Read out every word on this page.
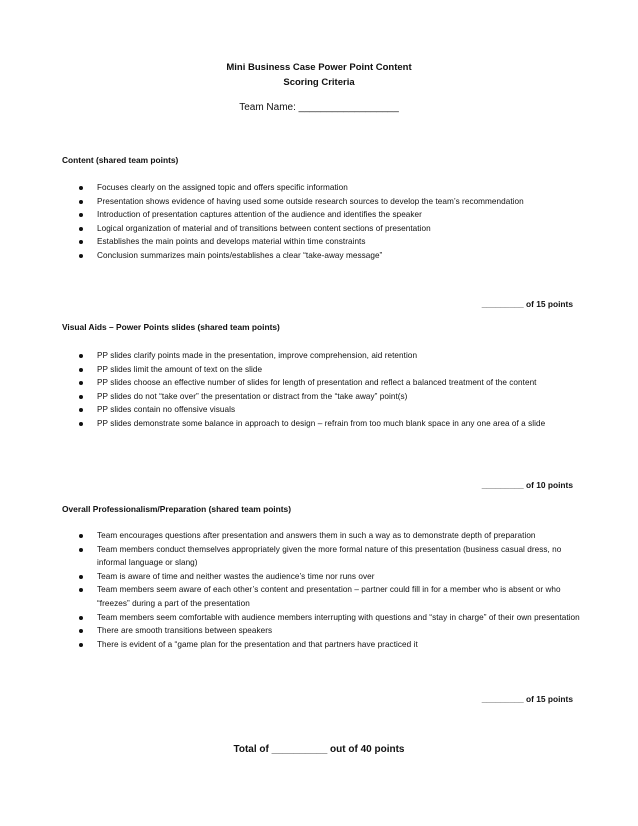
Mini Business Case Power Point Content
Scoring Criteria
Team Name: __________________
Content (shared team points)
Focuses clearly on the assigned topic and offers specific information
Presentation shows evidence of having used some outside research sources to develop the team’s recommendation
Introduction of presentation captures attention of the audience and identifies the speaker
Logical organization of material and of transitions between content sections of presentation
Establishes the main points and develops material within time constraints
Conclusion summarizes main points/establishes a clear “take-away message”
_________ of 15 points
Visual Aids – Power Points slides (shared team points)
PP slides clarify points made in the presentation, improve comprehension, aid retention
PP slides limit the amount of text on the slide
PP slides choose an effective number of slides for length of presentation and reflect a balanced treatment of the content
PP slides do not “take over” the presentation or distract from the “take away” point(s)
PP slides contain no offensive visuals
PP slides demonstrate some balance in approach to design – refrain from too much blank space in any one area of a slide
_________ of 10 points
Overall Professionalism/Preparation (shared team points)
Team encourages questions after presentation and answers them in such a way as to demonstrate depth of preparation
Team members conduct themselves appropriately given the more formal nature of this presentation (business casual dress, no informal language or slang)
Team is aware of time and neither wastes the audience’s time nor runs over
Team members seem aware of each other’s content and presentation – partner could fill in for a member who is absent or who “freezes” during a part of the presentation
Team members seem comfortable with audience members interrupting with questions and “stay in charge” of their own presentation
There are smooth transitions between speakers
There is evident of a “game plan for the presentation and that partners have practiced it
_________ of 15 points
Total of __________ out of 40 points
